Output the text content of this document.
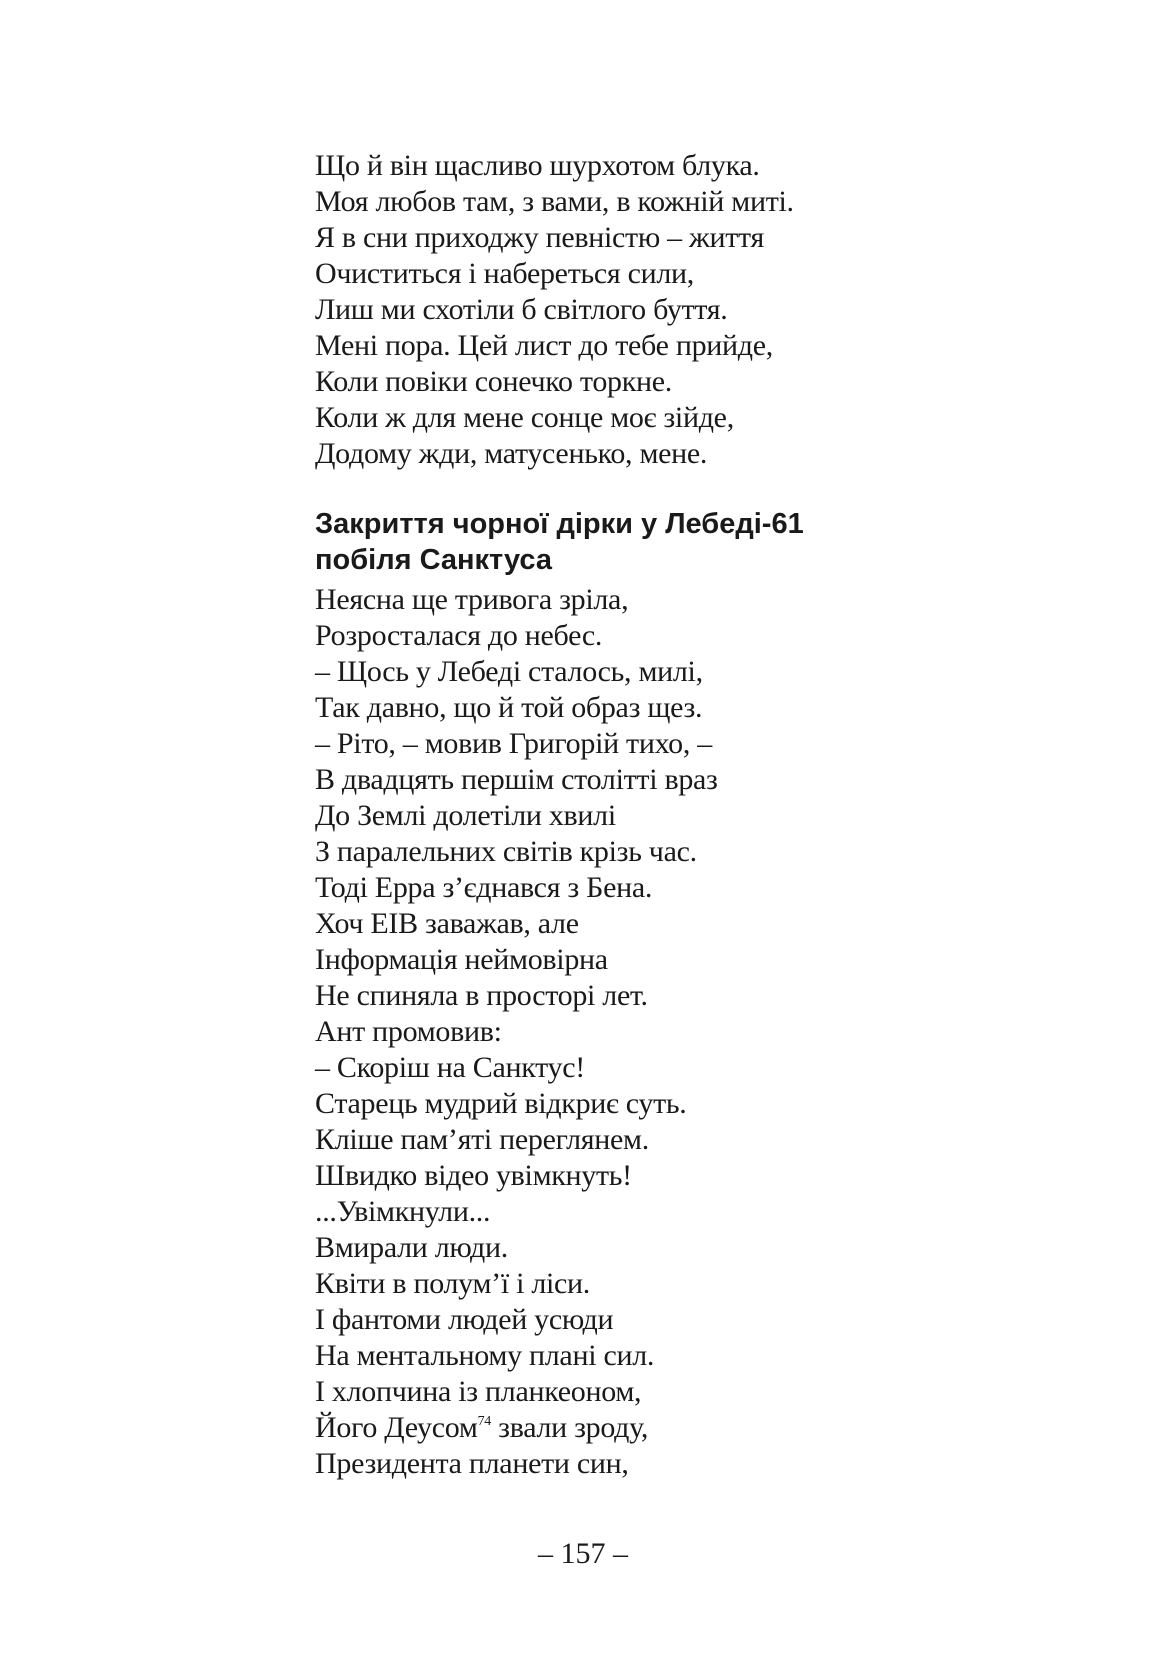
Що й він щасливо шурхотом блука.
Моя любов там, з вами, в кожній миті.
Я в сни приходжу певністю – життя
Очиститься і набереться сили,
Лиш ми схотіли б світлого буття.
Мені пора. Цей лист до тебе прийде,
Коли повіки сонечко торкне.
Коли ж для мене сонце моє зійде,
Додому жди, матусенько, мене.
Закриття чорної дірки у Лебеді-61
побіля Санктуса
Неясна ще тривога зріла,
Розросталася до небес.
– Щось у Лебеді сталось, милі,
Так давно, що й той образ щез.
– Ріто, – мовив Григорій тихо, –
В двадцять першім столітті враз
До Землі долетіли хвилі
З паралельних світів крізь час.
Тоді Ерра з’єднався з Бена.
Хоч ЕІВ заважав, але
Інформація неймовірна
Не спиняла в просторі лет.
Ант промовив:
– Скоріш на Санктус!
Старець мудрий відкриє суть.
Кліше пам’яті переглянем.
Швидко відео увімкнуть!
...Увімкнули...
Вмирали люди.
Квіти в полум’ї і ліси.
І фантоми людей усюди
На ментальному плані сил.
І хлопчина із планкеоном,
Його Деусом$^{74}$ звали зроду,
Президента планети син,
– 157 –
